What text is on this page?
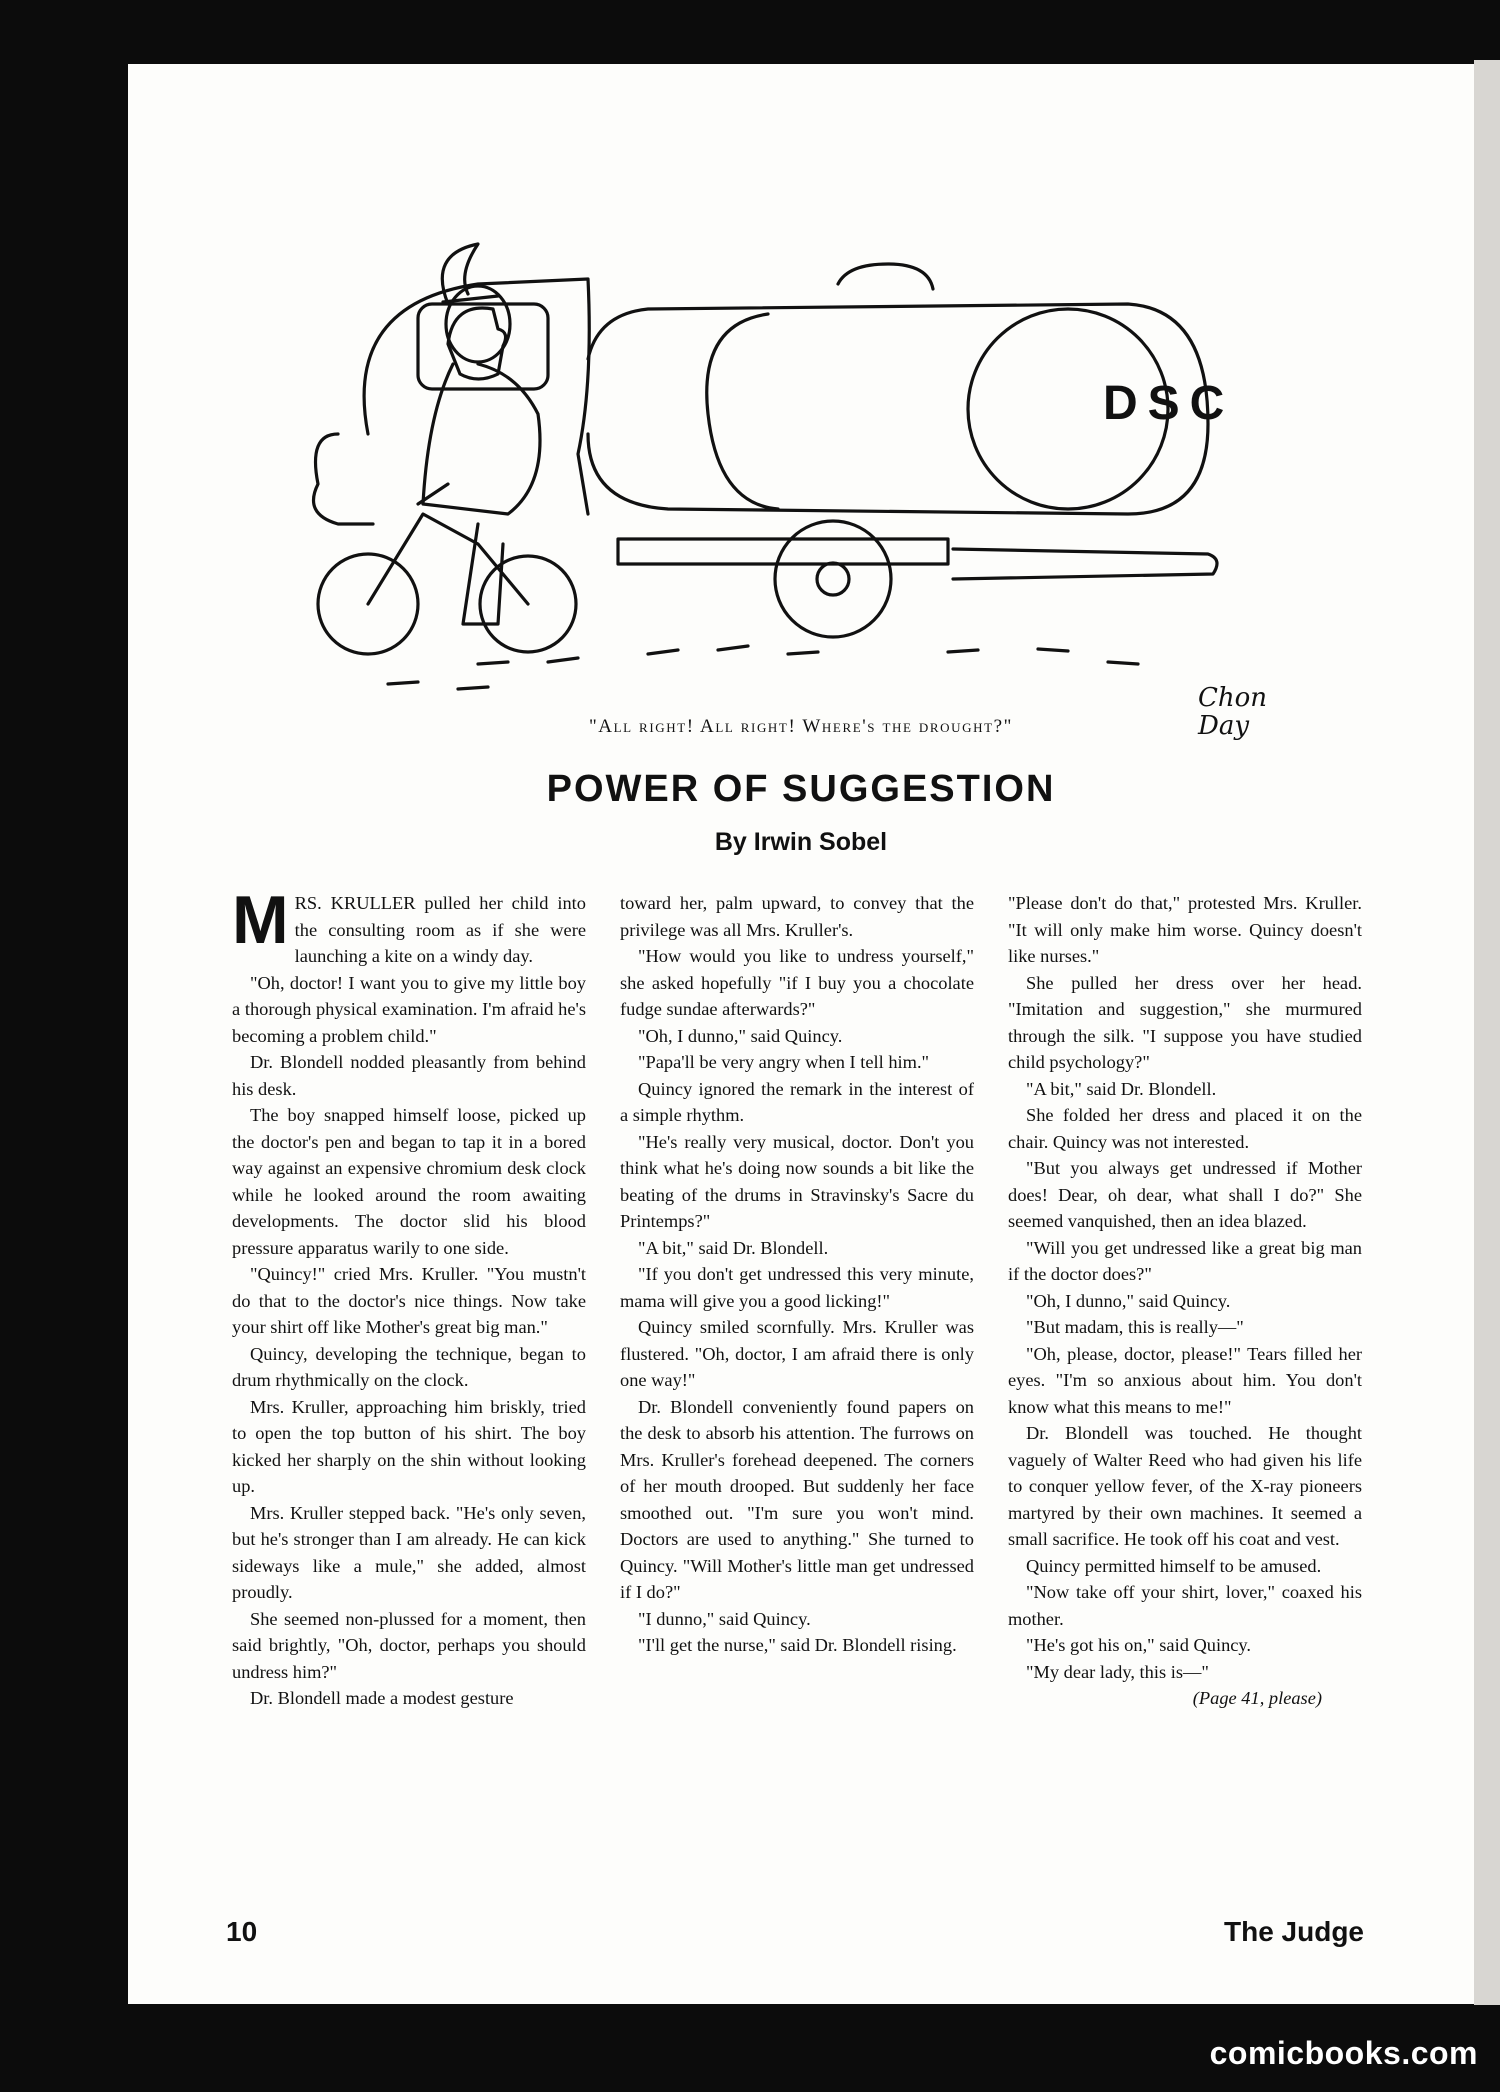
DSC
Chon Day
"All right! All right! Where's the drought?"
POWER OF SUGGESTION
By Irwin Sobel

MRS. KRULLER pulled her child into the consulting room as if she were launching a kite on a windy day.

"Oh, doctor! I want you to give my little boy a thorough physical examination. I'm afraid he's becoming a problem child."

Dr. Blondell nodded pleasantly from behind his desk.

The boy snapped himself loose, picked up the doctor's pen and began to tap it in a bored way against an expensive chromium desk clock while he looked around the room awaiting developments. The doctor slid his blood pressure apparatus warily to one side.

"Quincy!" cried Mrs. Kruller. "You mustn't do that to the doctor's nice things. Now take your shirt off like Mother's great big man."

Quincy, developing the technique, began to drum rhythmically on the clock.

Mrs. Kruller, approaching him briskly, tried to open the top button of his shirt. The boy kicked her sharply on the shin without looking up.

Mrs. Kruller stepped back. "He's only seven, but he's stronger than I am already. He can kick sideways like a mule," she added, almost proudly.

She seemed non-plussed for a moment, then said brightly, "Oh, doctor, perhaps you should undress him?"

Dr. Blondell made a modest gesture

toward her, palm upward, to convey that the privilege was all Mrs. Kruller's.

"How would you like to undress yourself," she asked hopefully "if I buy you a chocolate fudge sundae afterwards?"

"Oh, I dunno," said Quincy.

"Papa'll be very angry when I tell him."

Quincy ignored the remark in the interest of a simple rhythm.

"He's really very musical, doctor. Don't you think what he's doing now sounds a bit like the beating of the drums in Stravinsky's Sacre du Printemps?"

"A bit," said Dr. Blondell.

"If you don't get undressed this very minute, mama will give you a good licking!"

Quincy smiled scornfully. Mrs. Kruller was flustered. "Oh, doctor, I am afraid there is only one way!"

Dr. Blondell conveniently found papers on the desk to absorb his attention. The furrows on Mrs. Kruller's forehead deepened. The corners of her mouth drooped. But suddenly her face smoothed out. "I'm sure you won't mind. Doctors are used to anything." She turned to Quincy. "Will Mother's little man get undressed if I do?"

"I dunno," said Quincy.

"I'll get the nurse," said Dr. Blondell rising.

"Please don't do that," protested Mrs. Kruller. "It will only make him worse. Quincy doesn't like nurses."

She pulled her dress over her head. "Imitation and suggestion," she murmured through the silk. "I suppose you have studied child psychology?"

"A bit," said Dr. Blondell.

She folded her dress and placed it on the chair. Quincy was not interested.

"But you always get undressed if Mother does! Dear, oh dear, what shall I do?" She seemed vanquished, then an idea blazed.

"Will you get undressed like a great big man if the doctor does?"

"Oh, I dunno," said Quincy.

"But madam, this is really—"

"Oh, please, doctor, please!" Tears filled her eyes. "I'm so anxious about him. You don't know what this means to me!"

Dr. Blondell was touched. He thought vaguely of Walter Reed who had given his life to conquer yellow fever, of the X-ray pioneers martyred by their own machines. It seemed a small sacrifice. He took off his coat and vest.

Quincy permitted himself to be amused.

"Now take off your shirt, lover," coaxed his mother.

"He's got his on," said Quincy.

"My dear lady, this is—"

(Page 41, please)

10	The Judge
comicbooks.com
